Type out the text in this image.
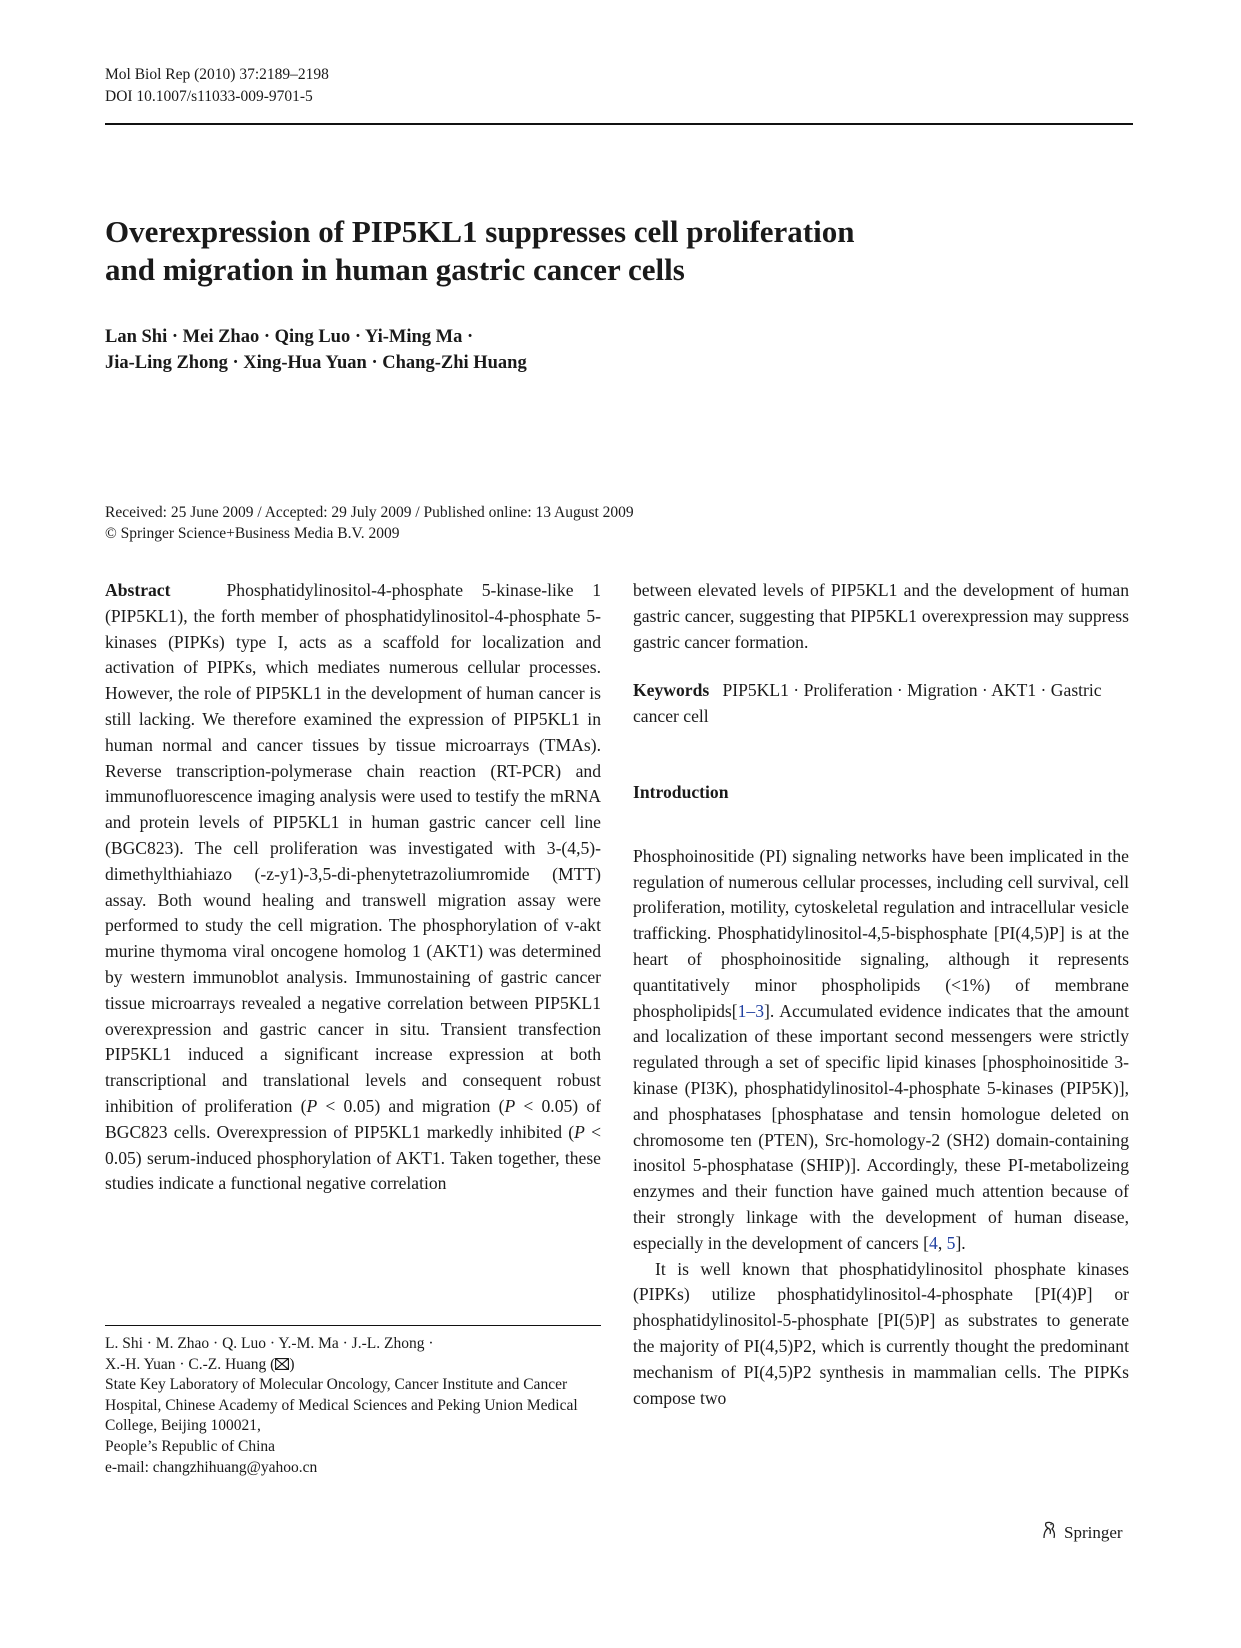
Mol Biol Rep (2010) 37:2189–2198
DOI 10.1007/s11033-009-9701-5
Overexpression of PIP5KL1 suppresses cell proliferation
and migration in human gastric cancer cells
Lan Shi · Mei Zhao · Qing Luo · Yi-Ming Ma ·
Jia-Ling Zhong · Xing-Hua Yuan · Chang-Zhi Huang
Received: 25 June 2009 / Accepted: 29 July 2009 / Published online: 13 August 2009
© Springer Science+Business Media B.V. 2009

Abstract	Phosphatidylinositol-4-phosphate 5-kinase-like 1 (PIP5KL1), the forth member of phosphatidylinositol-4-phosphate 5-kinases (PIPKs) type I, acts as a scaffold for localization and activation of PIPKs, which mediates numerous cellular processes. However, the role of PIP5KL1 in the development of human cancer is still lacking. We therefore examined the expression of PIP5KL1 in human normal and cancer tissues by tissue microarrays (TMAs). Reverse transcription-polymerase chain reaction (RT-PCR) and immunofluorescence imaging analysis were used to testify the mRNA and protein levels of PIP5KL1 in human gastric cancer cell line (BGC823). The cell proliferation was investigated with 3-(4,5)-dimethylthiahiazo (-z-y1)-3,5-di-phenytetrazoliumromide (MTT) assay. Both wound healing and transwell migration assay were performed to study the cell migration. The phosphorylation of v-akt murine thymoma viral oncogene homolog 1 (AKT1) was determined by western immunoblot analysis. Immunostaining of gastric cancer tissue microarrays revealed a negative correlation between PIP5KL1 overexpression and gastric cancer in situ. Transient transfection PIP5KL1 induced a significant increase expression at both transcriptional and translational levels and consequent robust inhibition of proliferation (P < 0.05) and migration (P < 0.05) of BGC823 cells. Overexpression of PIP5KL1 markedly inhibited (P < 0.05) serum-induced phosphorylation of AKT1. Taken together, these studies indicate a functional negative correlation

L. Shi · M. Zhao · Q. Luo · Y.-M. Ma · J.-L. Zhong ·
X.-H. Yuan · C.-Z. Huang ( )
State Key Laboratory of Molecular Oncology, Cancer Institute and Cancer Hospital, Chinese Academy of Medical Sciences and Peking Union Medical College, Beijing 100021,
People’s Republic of China
e-mail: changzhihuang@yahoo.cn

between elevated levels of PIP5KL1 and the development of human gastric cancer, suggesting that PIP5KL1 overexpression may suppress gastric cancer formation.

Keywords PIP5KL1 · Proliferation · Migration · AKT1 · Gastric cancer cell

Introduction

Phosphoinositide (PI) signaling networks have been implicated in the regulation of numerous cellular processes, including cell survival, cell proliferation, motility, cytoskeletal regulation and intracellular vesicle trafficking. Phosphatidylinositol-4,5-bisphosphate [PI(4,5)P] is at the heart of phosphoinositide signaling, although it represents quantitatively minor phospholipids (<1%) of membrane phospholipids[1–3]. Accumulated evidence indicates that the amount and localization of these important second messengers were strictly regulated through a set of specific lipid kinases [phosphoinositide 3-kinase (PI3K), phosphatidylinositol-4-phosphate 5-kinases (PIP5K)], and phosphatases [phosphatase and tensin homologue deleted on chromosome ten (PTEN), Src-homology-2 (SH2) domain-containing inositol 5-phosphatase (SHIP)]. Accordingly, these PI-metabolizeing enzymes and their function have gained much attention because of their strongly linkage with the development of human disease, especially in the development of cancers [4, 5].

It is well known that phosphatidylinositol phosphate kinases (PIPKs) utilize phosphatidylinositol-4-phosphate [PI(4)P] or phosphatidylinositol-5-phosphate [PI(5)P] as substrates to generate the majority of PI(4,5)P2, which is currently thought the predominant mechanism of PI(4,5)P2 synthesis in mammalian cells. The PIPKs compose two

Springer
